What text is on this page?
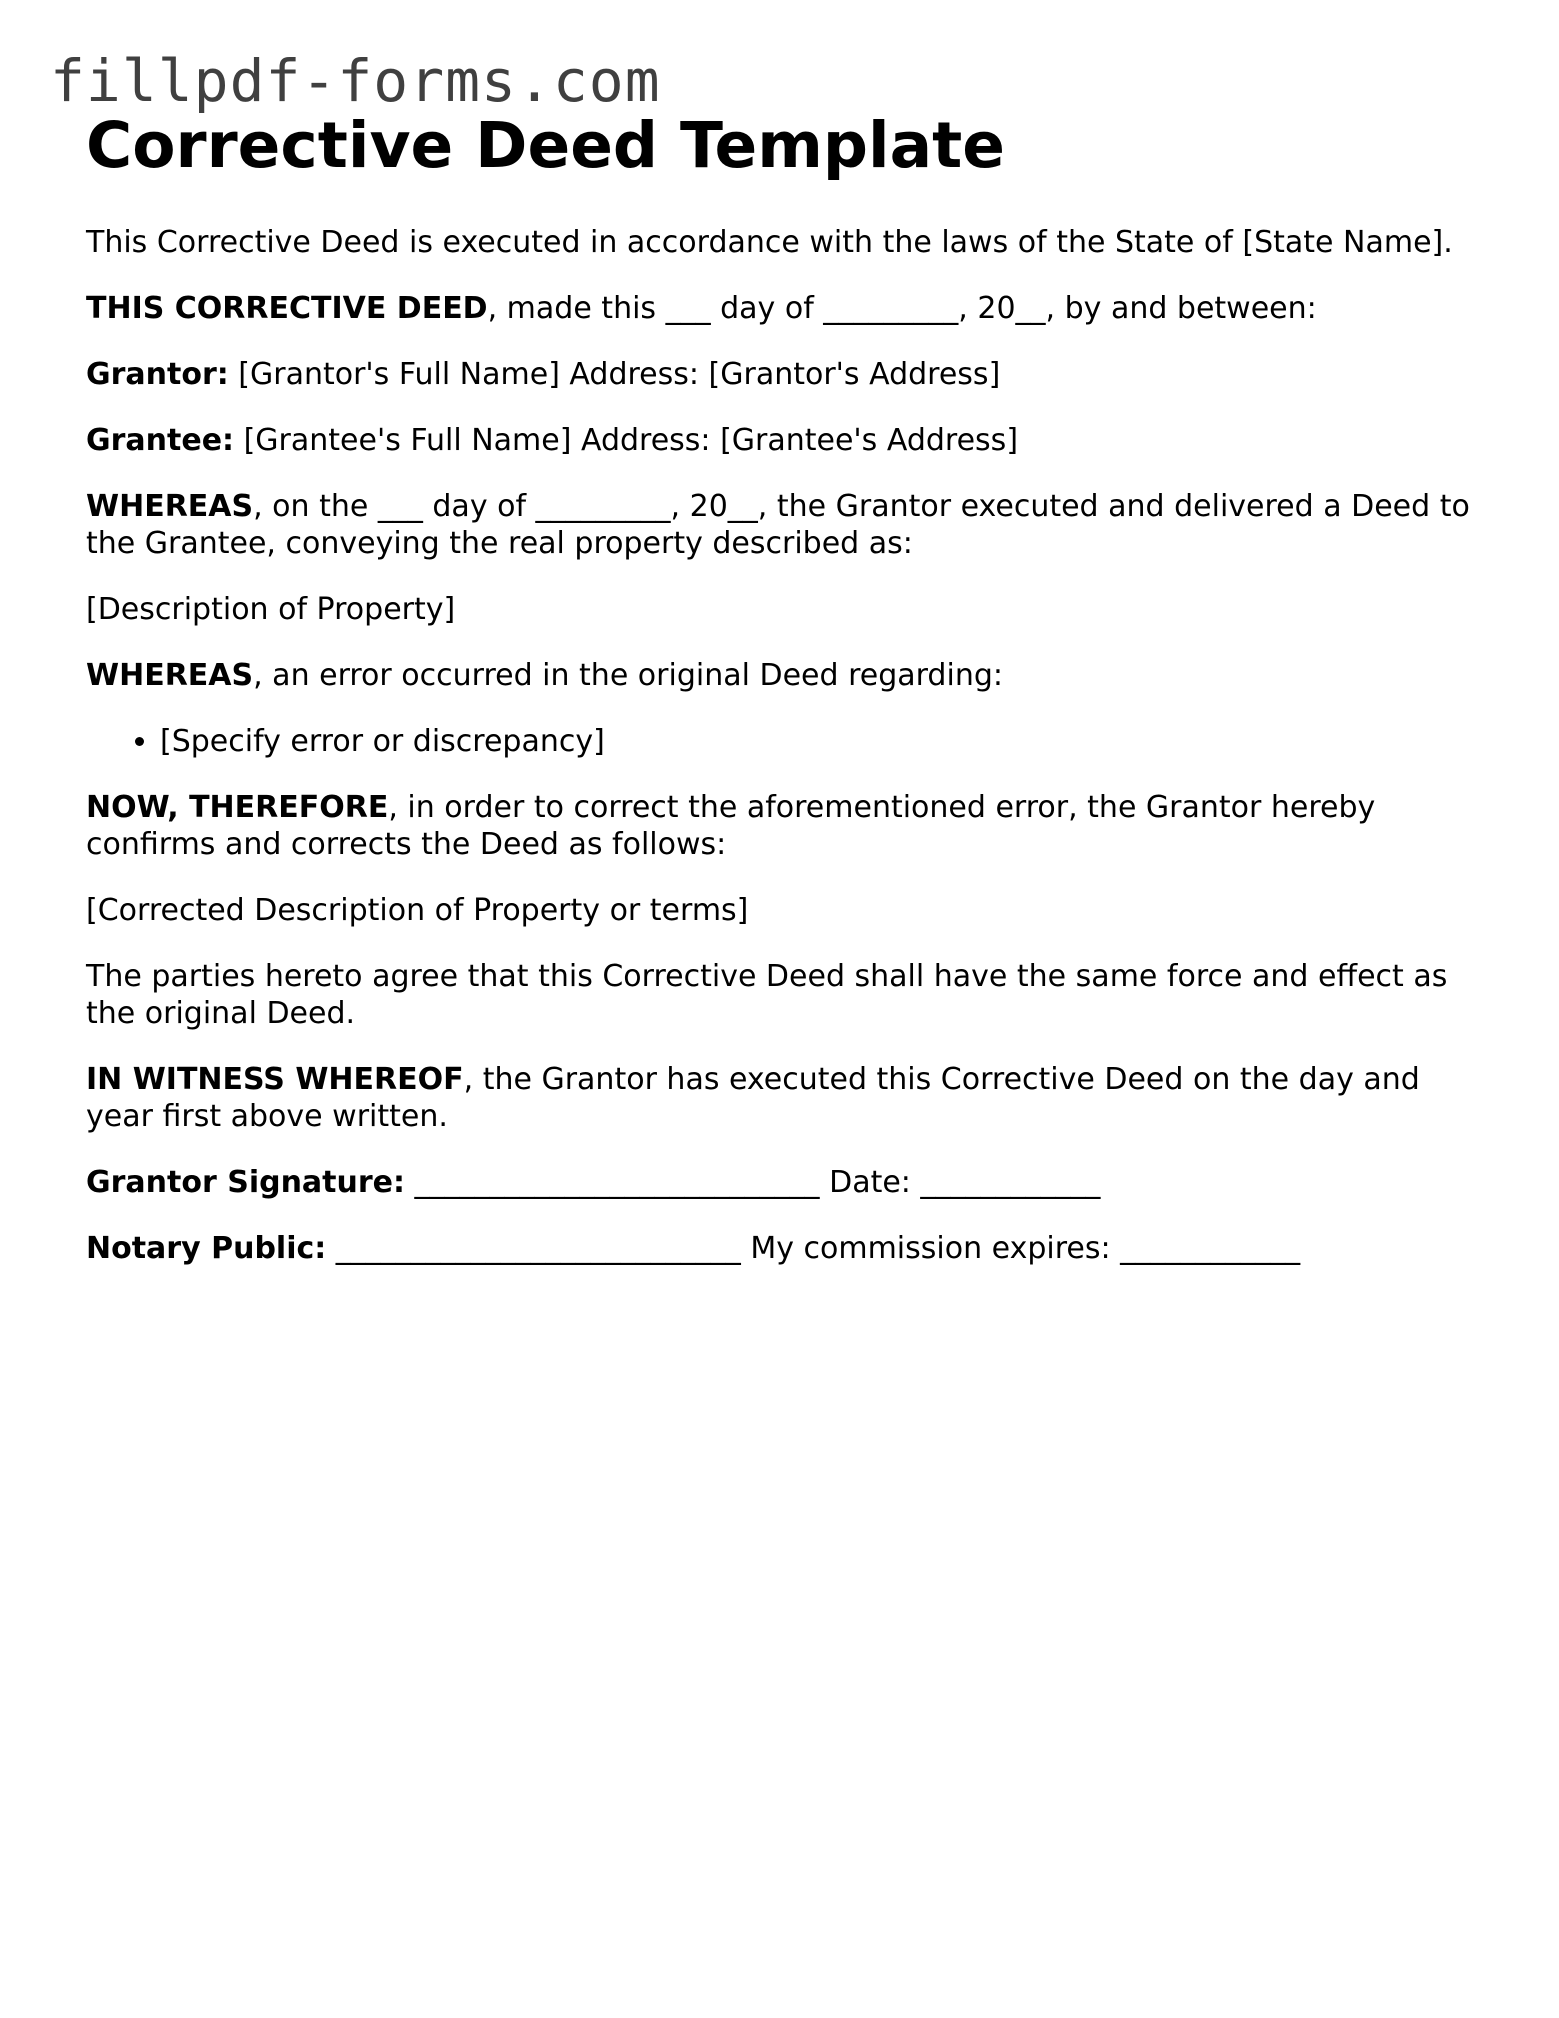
fillpdf-forms.com
Corrective Deed Template

This Corrective Deed is executed in accordance with the laws of the State of [State Name].

THIS CORRECTIVE DEED, made this ___ day of _________, 20__, by and between:

Grantor: [Grantor's Full Name] Address: [Grantor's Address]

Grantee: [Grantee's Full Name] Address: [Grantee's Address]

WHEREAS, on the ___ day of _________, 20__, the Grantor executed and delivered a Deed to the Grantee, conveying the real property described as:

[Description of Property]

WHEREAS, an error occurred in the original Deed regarding:

• [Specify error or discrepancy]

NOW, THEREFORE, in order to correct the aforementioned error, the Grantor hereby confirms and corrects the Deed as follows:

[Corrected Description of Property or terms]

The parties hereto agree that this Corrective Deed shall have the same force and effect as the original Deed.

IN WITNESS WHEREOF, the Grantor has executed this Corrective Deed on the day and year first above written.

Grantor Signature: ___________________________ Date: ____________

Notary Public: ___________________________ My commission expires: ____________
